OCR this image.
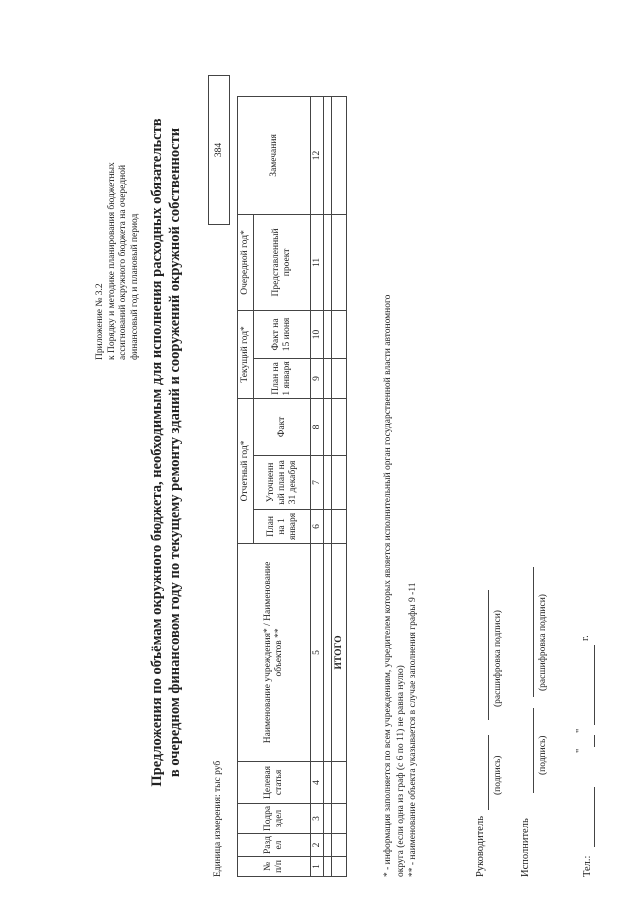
Приложение № 3.2 к Порядку и методике планирования бюджетных ассигнований окружного бюджета на очередной финансовый год и плановый период Предложения по объёмам окружного бюджета, необходимым для исполнения расходных обязательств в очередном финансовом году по текущему ремонту зданий и сооружений окружной собственности
Единица измерения: тыс руб
384
№ п/п	Разд ел	Подра здел	Целевая статья	Наименование учреждения* / Наименование объектов **	Отчетный год*			Текущий год*		Очередной год*	Замечания
					План на 1 января	Уточненн ый план на 31 декабря	Факт	План на 1 января	Факт на 15 июня	Представленный проект	
1	2	3	4	5	6	7	8	9	10	11	12

				ИТОГО								* - информация заполняется по всем учреждениям, учредителем которых является исполнительный орган государственной власти автономного округа (если одна из граф (с 6 по 11) не равна нулю) ** - наименование объекта указывается в случае заполнения графы 9 -11	Руководитель
(подпись)
(расшифровка подписи)
Исполнитель
(подпись)
(расшифровка подписи)
Тел.:
"
"
г.
